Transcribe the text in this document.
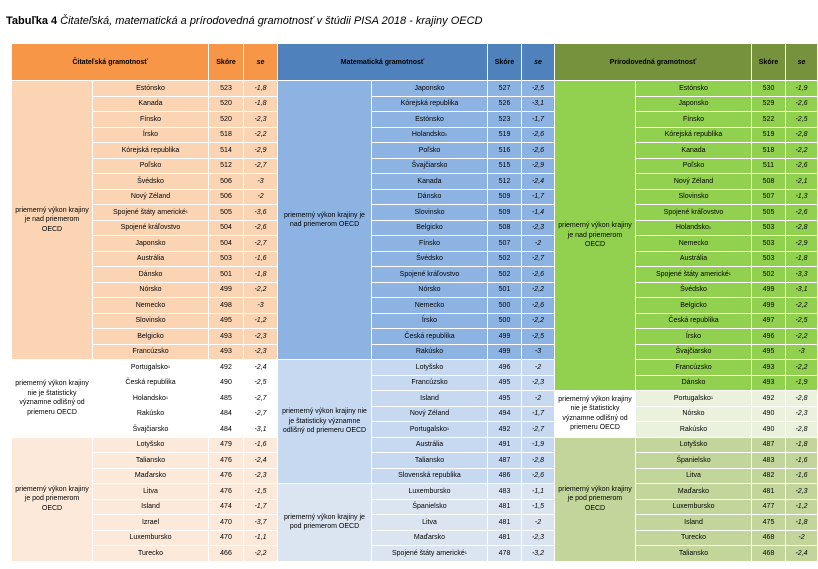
Tabuľka 4 Čitateľská, matematická a prírodovedná gramotnosť v štúdii PISA 2018 - krajiny OECD
Čitateľská gramotnosť	Skóre	se	Matematická gramotnosť	Skóre	se	Prírodovedná gramotnosť	Skóre	se
priemerný výkon krajiny je nad priemerom OECD
Estónsko	523	-1,8
Kanada	520	-1,8
Fínsko	520	-2,3
Írsko	518	-2,2
Kórejská republika	514	-2,9
Poľsko	512	-2,7
Švédsko	506	-3
Nový Zéland	506	-2
Spojené štáty americké 1	505	-3,6
Spojené kráľovstvo	504	-2,6
Japonsko	504	-2,7
Austrália	503	-1,6
Dánsko	501	-1,8
Nórsko	499	-2,2
Nemecko	498	-3
Slovinsko	495	-1,2
Belgicko	493	-2,3
Francúzsko	493	-2,3
priemerný výkon krajiny nie je štatisticky významne odlišný od priemeru OECD
Portugalsko 1	492	-2,4
Česká republika	490	-2,5
Holandsko 1	485	-2,7
Rakúsko	484	-2,7
Švajčiarsko	484	-3,1
priemerný výkon krajiny je pod priemerom OECD
Lotyšsko	479	-1,6
Taliansko	476	-2,4
Maďarsko	476	-2,3
Litva	476	-1,5
Island	474	-1,7
Izrael	470	-3,7
Luxembursko	470	-1,1
Turecko	466	-2,2
priemerný výkon krajiny je nad priemerom OECD
Japonsko	527	-2,5
Kórejská republika	526	-3,1
Estónsko	523	-1,7
Holandsko 1	519	-2,6
Poľsko	516	-2,6
Švajčiarsko	515	-2,9
Kanada	512	-2,4
Dánsko	509	-1,7
Slovinsko	509	-1,4
Belgicko	508	-2,3
Fínsko	507	-2
Švédsko	502	-2,7
Spojené kráľovstvo	502	-2,6
Nórsko	501	-2,2
Nemecko	500	-2,6
Írsko	500	-2,2
Česká republika	499	-2,5
Rakúsko	499	-3
priemerný výkon krajiny nie je štatisticky významne odlišný od priemeru OECD
Lotyšsko	496	-2
Francúzsko	495	-2,3
Island	495	-2
Nový Zéland	494	-1,7
Portugalsko 1	492	-2,7
Austrália	491	-1,9
Taliansko	487	-2,8
Slovenská republika	486	-2,6
priemerný výkon krajiny je pod priemerom OECD
Luxembursko	483	-1,1
Španielsko	481	-1,5
Litva	481	-2
Maďarsko	481	-2,3
Spojené štáty americké 1	478	-3,2
priemerný výkon krajiny je nad priemerom OECD
Estónsko	530	-1,9
Japonsko	529	-2,6
Fínsko	522	-2,5
Kórejská republika	519	-2,8
Kanada	518	-2,2
Poľsko	511	-2,6
Nový Zéland	508	-2,1
Slovinsko	507	-1,3
Spojené kráľovstvo	505	-2,6
Holandsko 1	503	-2,8
Nemecko	503	-2,9
Austrália	503	-1,8
Spojené štáty americké 1	502	-3,3
Švédsko	499	-3,1
Belgicko	499	-2,2
Česká republika	497	-2,5
Írsko	496	-2,2
Švajčiarsko	495	-3
Francúzsko	493	-2,2
Dánsko	493	-1,9
priemerný výkon krajiny nie je štatisticky významne odlišný od priemeru OECD
Portugalsko 1	492	-2,8
Nórsko	490	-2,3
Rakúsko	490	-2,8
priemerný výkon krajiny je pod priemerom OECD
Lotyšsko	487	-1,8
Španielsko	483	-1,6
Litva	482	-1,6
Maďarsko	481	-2,3
Luxembursko	477	-1,2
Island	475	-1,8
Turecko	468	-2
Taliansko	468	-2,4
